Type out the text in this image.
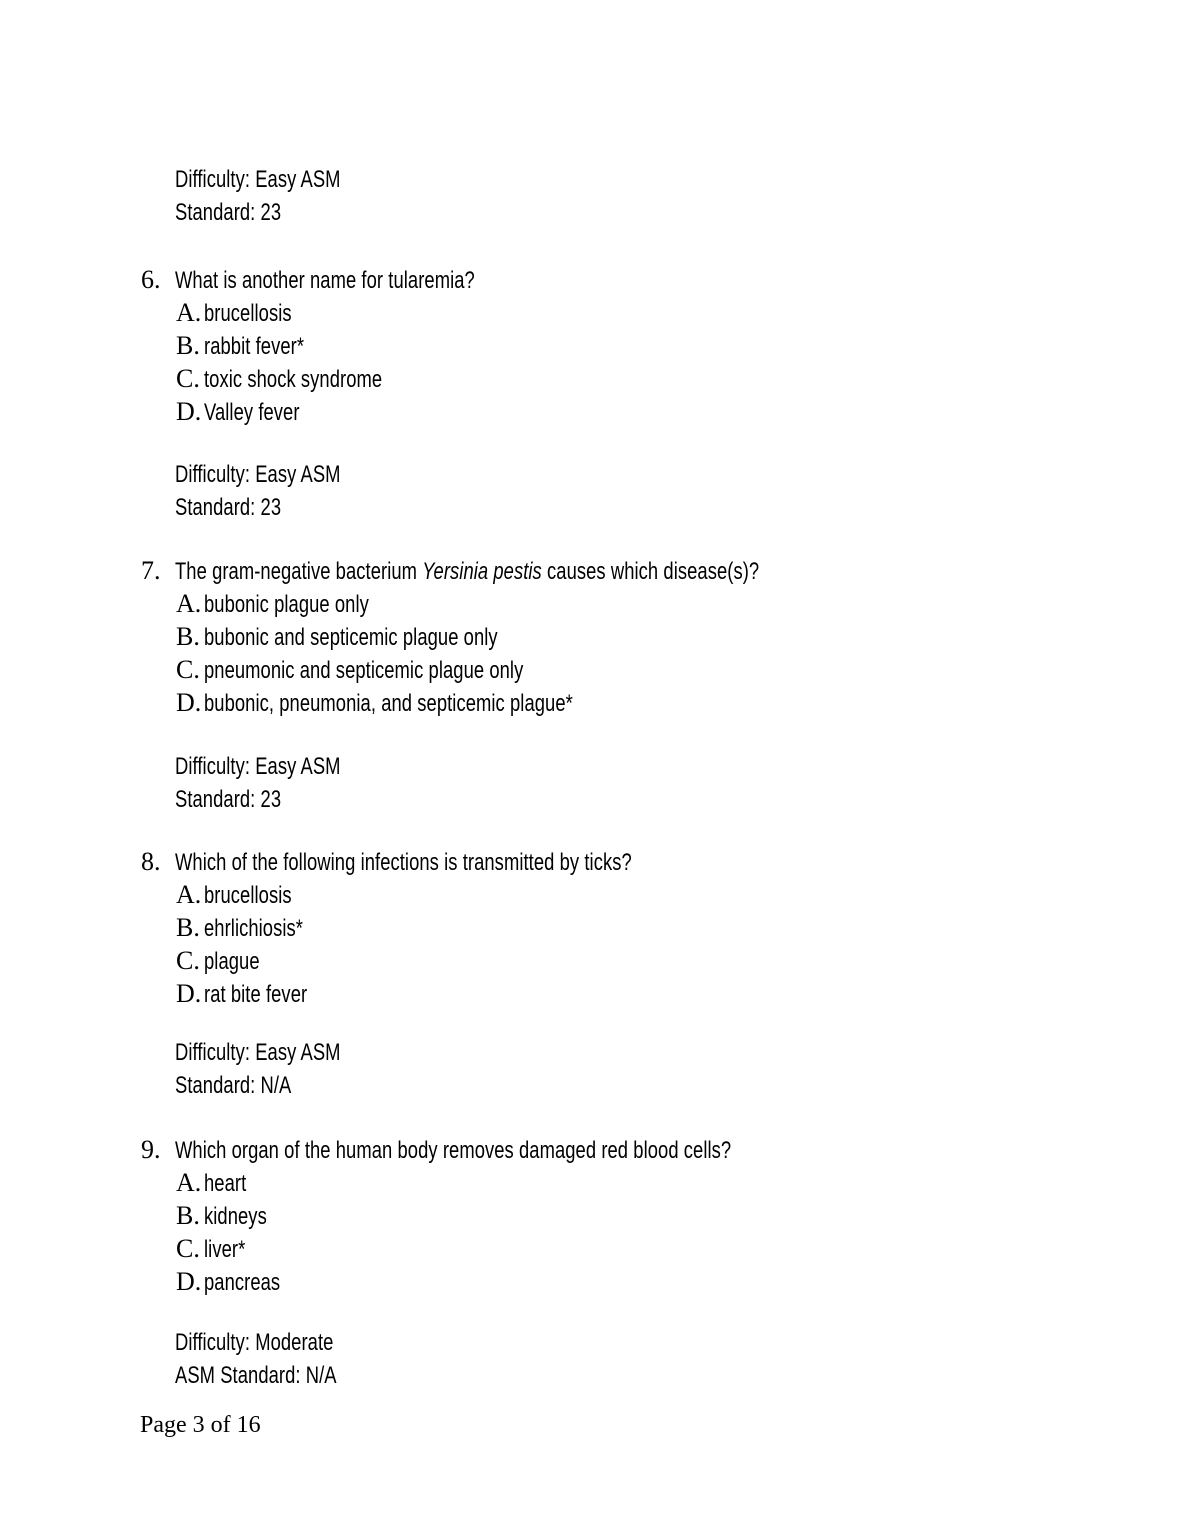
Difficulty: Easy ASM
Standard: 23
6. What is another name for tularemia?
A. brucellosis
B. rabbit fever*
C. toxic shock syndrome
D. Valley fever
Difficulty: Easy ASM
Standard: 23
7. The gram-negative bacterium Yersinia pestis causes which disease(s)?
A. bubonic plague only
B. bubonic and septicemic plague only
C. pneumonic and septicemic plague only
D. bubonic, pneumonia, and septicemic plague*
Difficulty: Easy ASM
Standard: 23
8. Which of the following infections is transmitted by ticks?
A. brucellosis
B. ehrlichiosis*
C. plague
D. rat bite fever
Difficulty: Easy ASM
Standard: N/A
9. Which organ of the human body removes damaged red blood cells?
A. heart
B. kidneys
C. liver*
D. pancreas
Difficulty: Moderate
ASM Standard: N/A
Page 3 of 16
